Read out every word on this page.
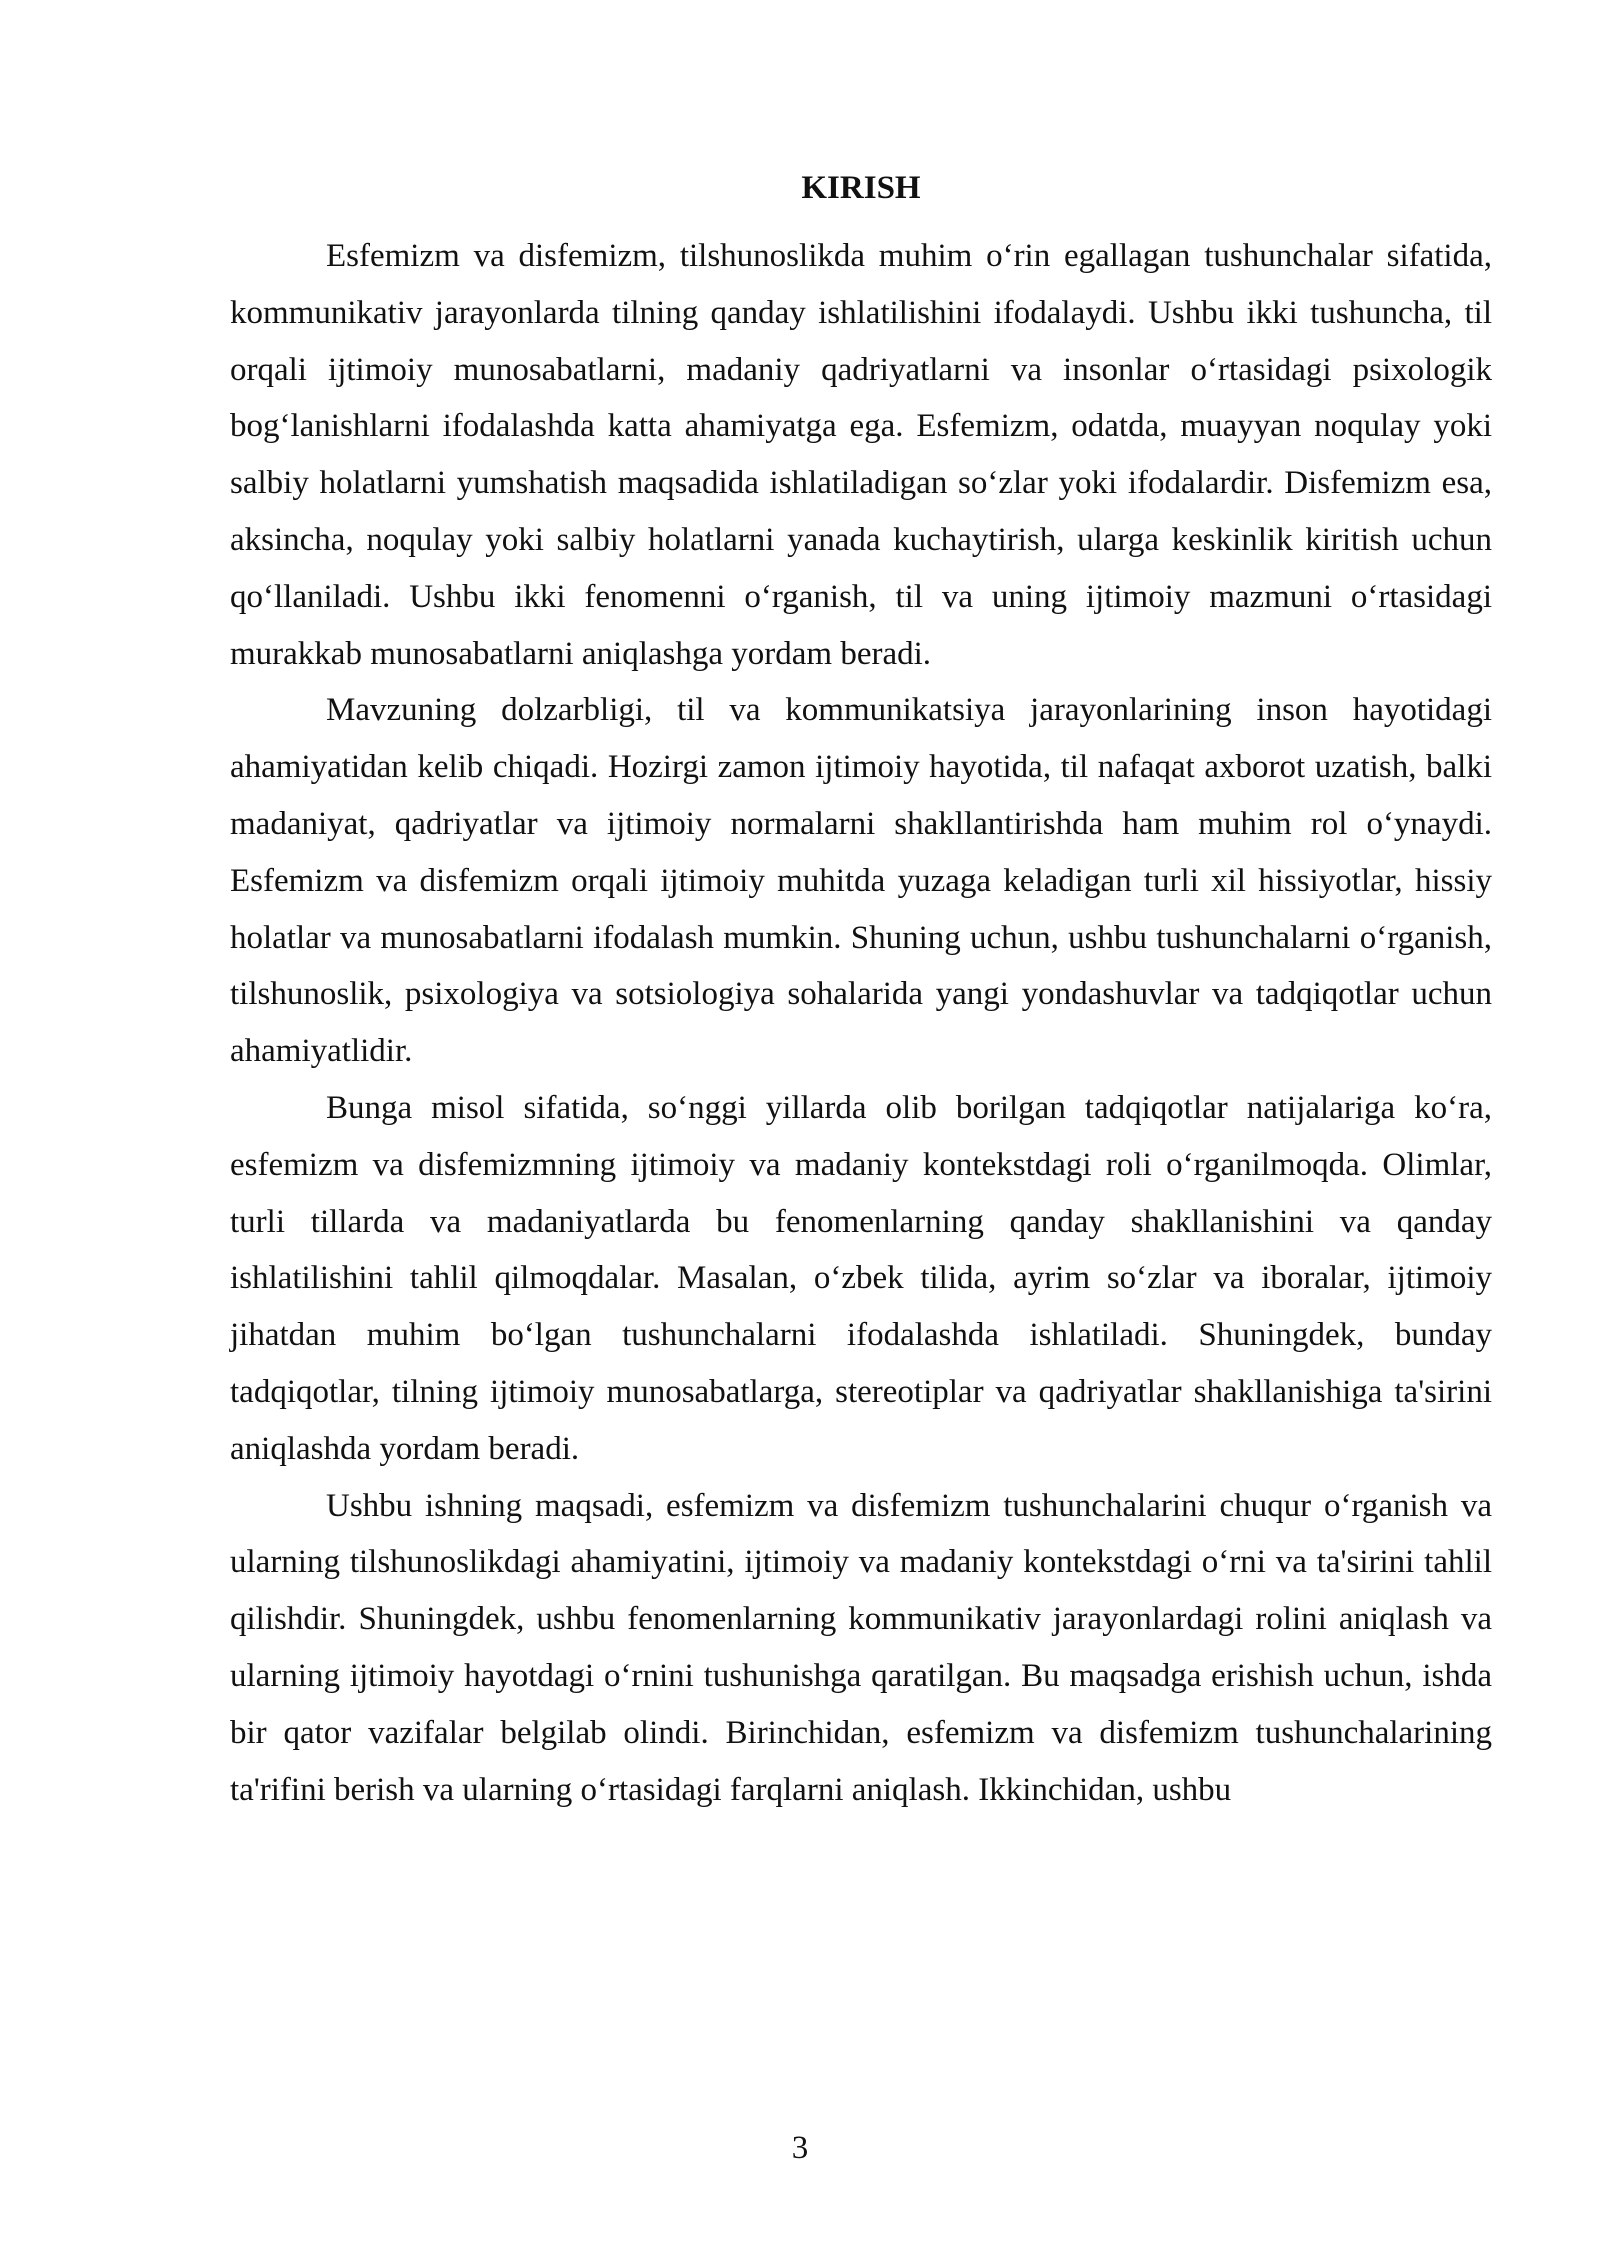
KIRISH

Esfemizm va disfemizm, tilshunoslikda muhim o‘rin egallagan tushunchalar sifatida, kommunikativ jarayonlarda tilning qanday ishlatilishini ifodalaydi. Ushbu ikki tushuncha, til orqali ijtimoiy munosabatlarni, madaniy qadriyatlarni va insonlar o‘rtasidagi psixologik bog‘lanishlarni ifodalashda katta ahamiyatga ega. Esfemizm, odatda, muayyan noqulay yoki salbiy holatlarni yumshatish maqsadida ishlatiladigan so‘zlar yoki ifodalardir. Disfemizm esa, aksincha, noqulay yoki salbiy holatlarni yanada kuchaytirish, ularga keskinlik kiritish uchun qo‘llaniladi. Ushbu ikki fenomenni o‘rganish, til va uning ijtimoiy mazmuni o‘rtasidagi murakkab munosabatlarni aniqlashga yordam beradi.

Mavzuning dolzarbligi, til va kommunikatsiya jarayonlarining inson hayotidagi ahamiyatidan kelib chiqadi. Hozirgi zamon ijtimoiy hayotida, til nafaqat axborot uzatish, balki madaniyat, qadriyatlar va ijtimoiy normalarni shakllantirishda ham muhim rol o‘ynaydi. Esfemizm va disfemizm orqali ijtimoiy muhitda yuzaga keladigan turli xil hissiyotlar, hissiy holatlar va munosabatlarni ifodalash mumkin. Shuning uchun, ushbu tushunchalarni o‘rganish, tilshunoslik, psixologiya va sotsiologiya sohalarida yangi yondashuvlar va tadqiqotlar uchun ahamiyatlidir.

Bunga misol sifatida, so‘nggi yillarda olib borilgan tadqiqotlar natijalariga ko‘ra, esfemizm va disfemizmning ijtimoiy va madaniy kontekstdagi roli o‘rganilmoqda. Olimlar, turli tillarda va madaniyatlarda bu fenomenlarning qanday shakllanishini va qanday ishlatilishini tahlil qilmoqdalar. Masalan, o‘zbek tilida, ayrim so‘zlar va iboralar, ijtimoiy jihatdan muhim bo‘lgan tushunchalarni ifodalashda ishlatiladi. Shuningdek, bunday tadqiqotlar, tilning ijtimoiy munosabatlarga, stereotiplar va qadriyatlar shakllanishiga ta'sirini aniqlashda yordam beradi.

Ushbu ishning maqsadi, esfemizm va disfemizm tushunchalarini chuqur o‘rganish va ularning tilshunoslikdagi ahamiyatini, ijtimoiy va madaniy kontekstdagi o‘rni va ta'sirini tahlil qilishdir. Shuningdek, ushbu fenomenlarning kommunikativ jarayonlardagi rolini aniqlash va ularning ijtimoiy hayotdagi o‘rnini tushunishga qaratilgan. Bu maqsadga erishish uchun, ishda bir qator vazifalar belgilab olindi. Birinchidan, esfemizm va disfemizm tushunchalarining ta'rifini berish va ularning o‘rtasidagi farqlarni aniqlash. Ikkinchidan, ushbu

3
